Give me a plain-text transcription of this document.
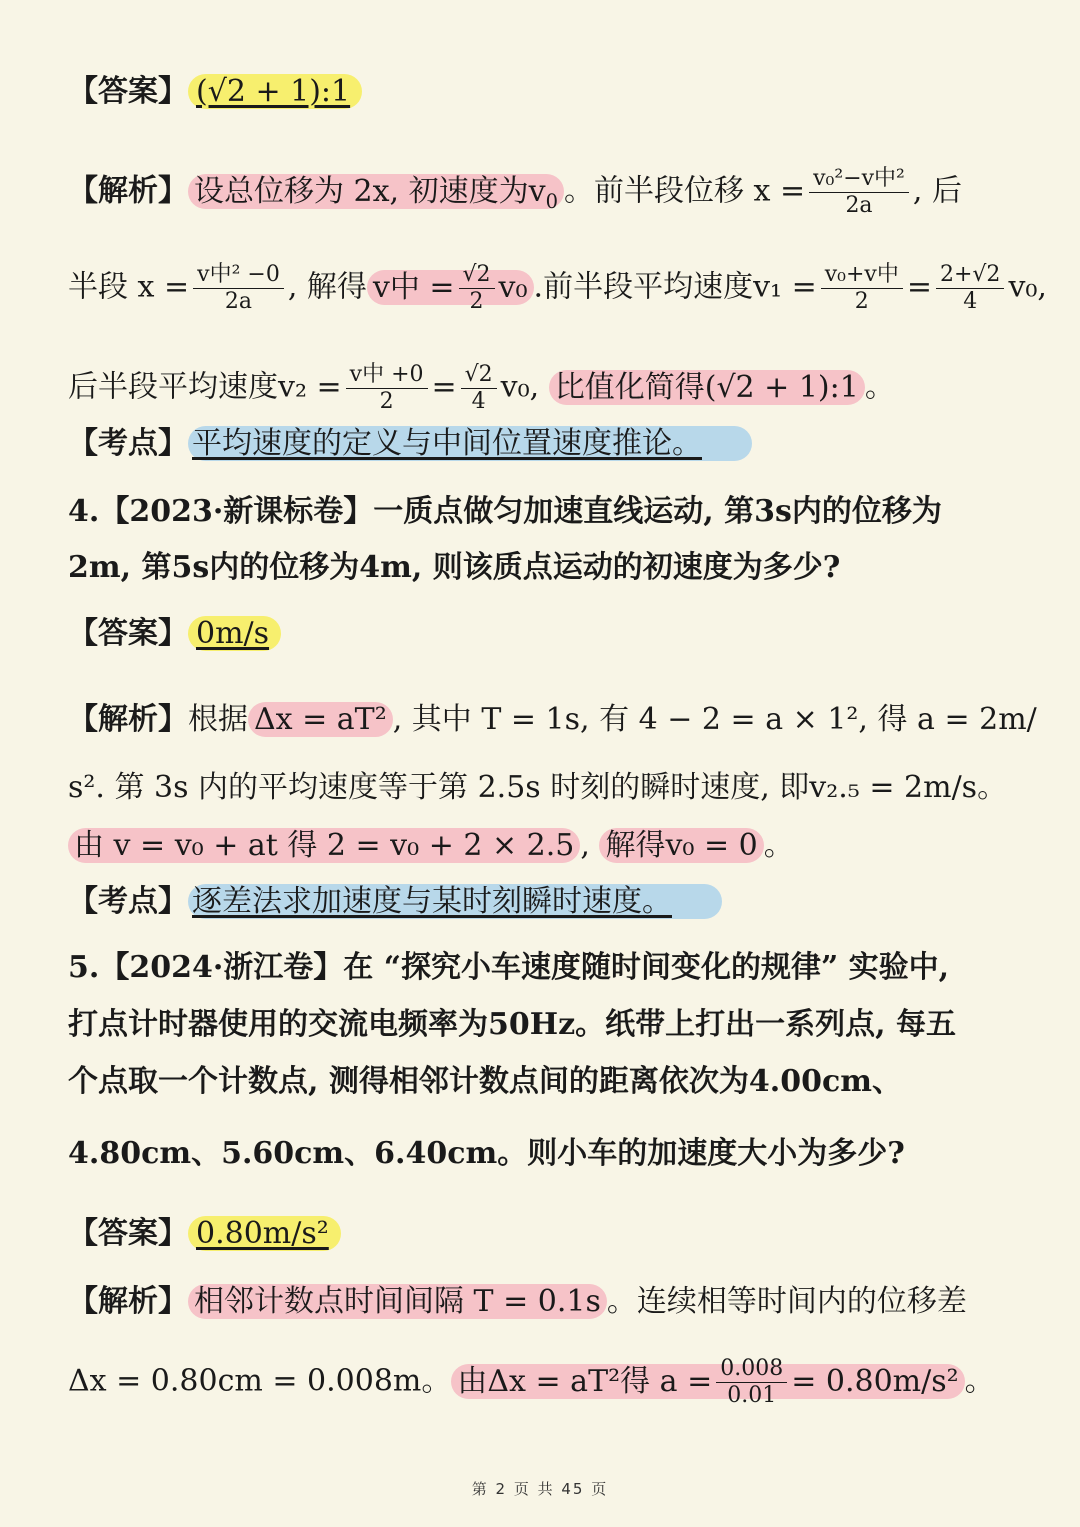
【答案】 (√2 + 1):1
【解析】 设总位移为 2x, 初速度为$v_0$ 。前半段位移 $x = \frac{\text{v₀²−v中²}}{2a}$ , 后
半段 $x = \frac{\text{v中² −0}}{2a}$ , 解得 v中 = $\frac{√2}{2} v_0$ .前半段平均速度$v_1 = \frac{\text{v₀+v中}}{2} = \frac{2+√2}{4} v_0$,
后半段平均速度$v_2 = \frac{\text{v中 +0}}{2} = \frac{√2}{4} v_0$, 比值化简得(√2 + 1):1 。
【考点】 平均速度的定义与中间位置速度推论。
4.【2023·新课标卷】一质点做匀加速直线运动, 第3s内的位移为
2m, 第5s内的位移为4m, 则该质点运动的初速度为多少?
【答案】 0m/s
【解析】根据 Δx = aT² , 其中 T = 1s, 有 4 − 2 = a × 1², 得 a = 2m/
s². 第 3s 内的平均速度等于第 2.5s 时刻的瞬时速度, 即v₂.₅ = 2m/s。
由 v = v₀ + at 得 2 = v₀ + 2 × 2.5 , 解得v₀ = 0 。
【考点】 逐差法求加速度与某时刻瞬时速度。
5.【2024·浙江卷】在 “探究小车速度随时间变化的规律” 实验中,
打点计时器使用的交流电频率为50Hz。纸带上打出一系列点, 每五
个点取一个计数点, 测得相邻计数点间的距离依次为4.00cm、
4.80cm、5.60cm、6.40cm。则小车的加速度大小为多少?
【答案】 0.80m/s²
【解析】 相邻计数点时间间隔 T = 0.1s 。连续相等时间内的位移差
Δx = 0.80cm = 0.008m。 由Δx = aT²得 $a = \frac{0.008}{0.01} = 0.80m/s^2$ 。
第 2 页 共 45 页
